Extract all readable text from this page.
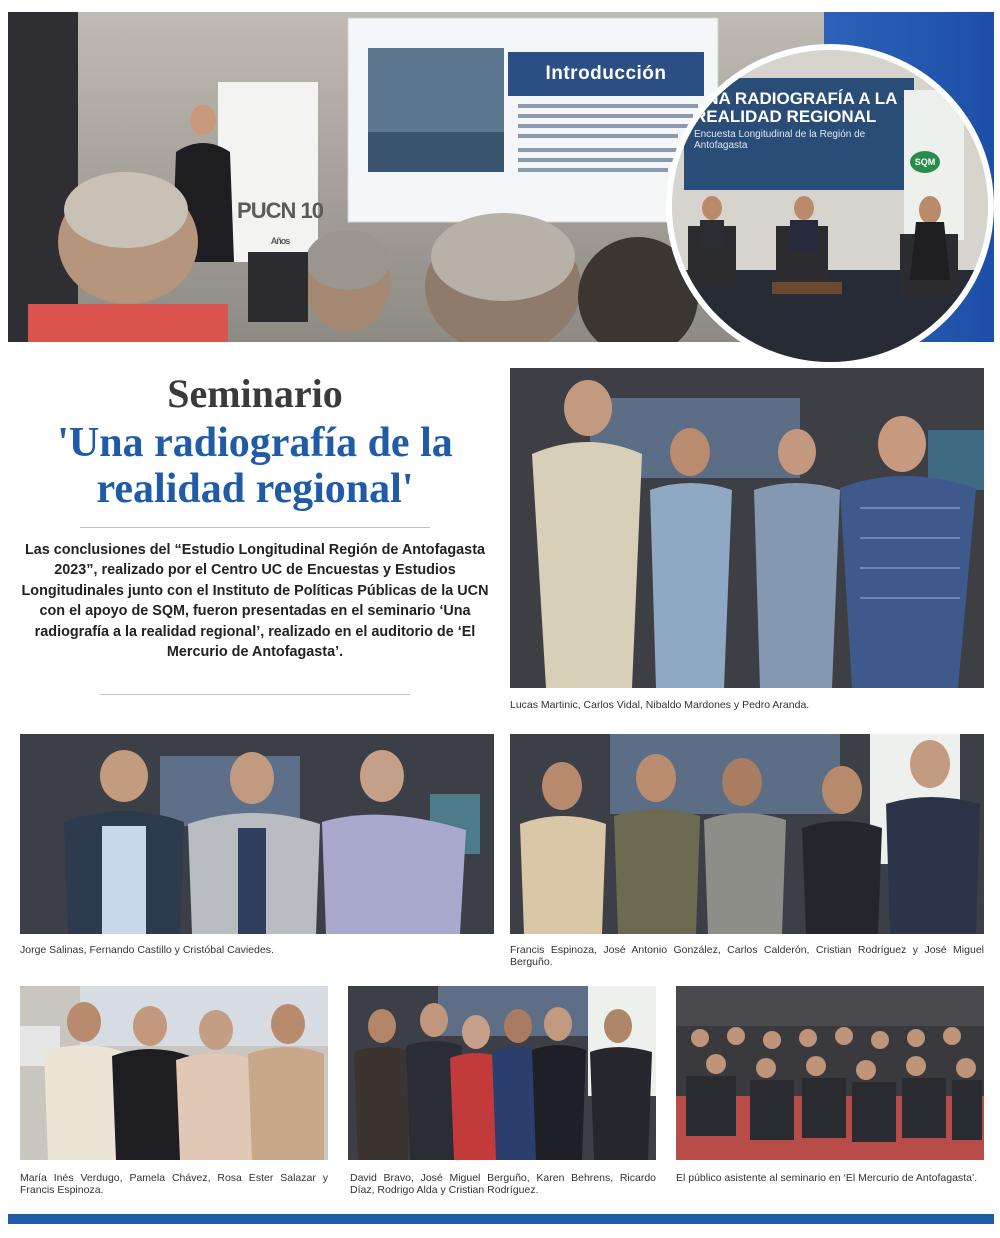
Introducción
PUCN 10 Años
UNA RADIOGRAFÍA A LA REALIDAD REGIONAL
Encuesta Longitudinal de la Región de Antofagasta
SQM
Seminario
'Una radiografía de la realidad regional'
Las conclusiones del “Estudio Longitudinal Región de Antofagasta 2023”, realizado por el Centro UC de Encuestas y Estudios Longitudinales junto con el Instituto de Políticas Públicas de la UCN con el apoyo de SQM, fueron presentadas en el seminario ‘Una radiografía a la realidad regional’, realizado en el auditorio de ‘El Mercurio de Antofagasta’.
Lucas Martinic, Carlos Vidal, Nibaldo Mardones y Pedro Aranda.
Jorge Salinas, Fernando Castillo y Cristóbal Caviedes.	Francis Espinoza, José Antonio González, Carlos Calderón, Cristian Rodríguez y José Miguel Berguño.
María Inés Verdugo, Pamela Chávez, Rosa Ester Salazar y Francis Espinoza.
David Bravo, José Miguel Berguño, Karen Behrens, Ricardo Díaz, Rodrigo Alda y Cristian Rodríguez.
El público asistente al seminario en ‘El Mercurio de Antofagasta’.
